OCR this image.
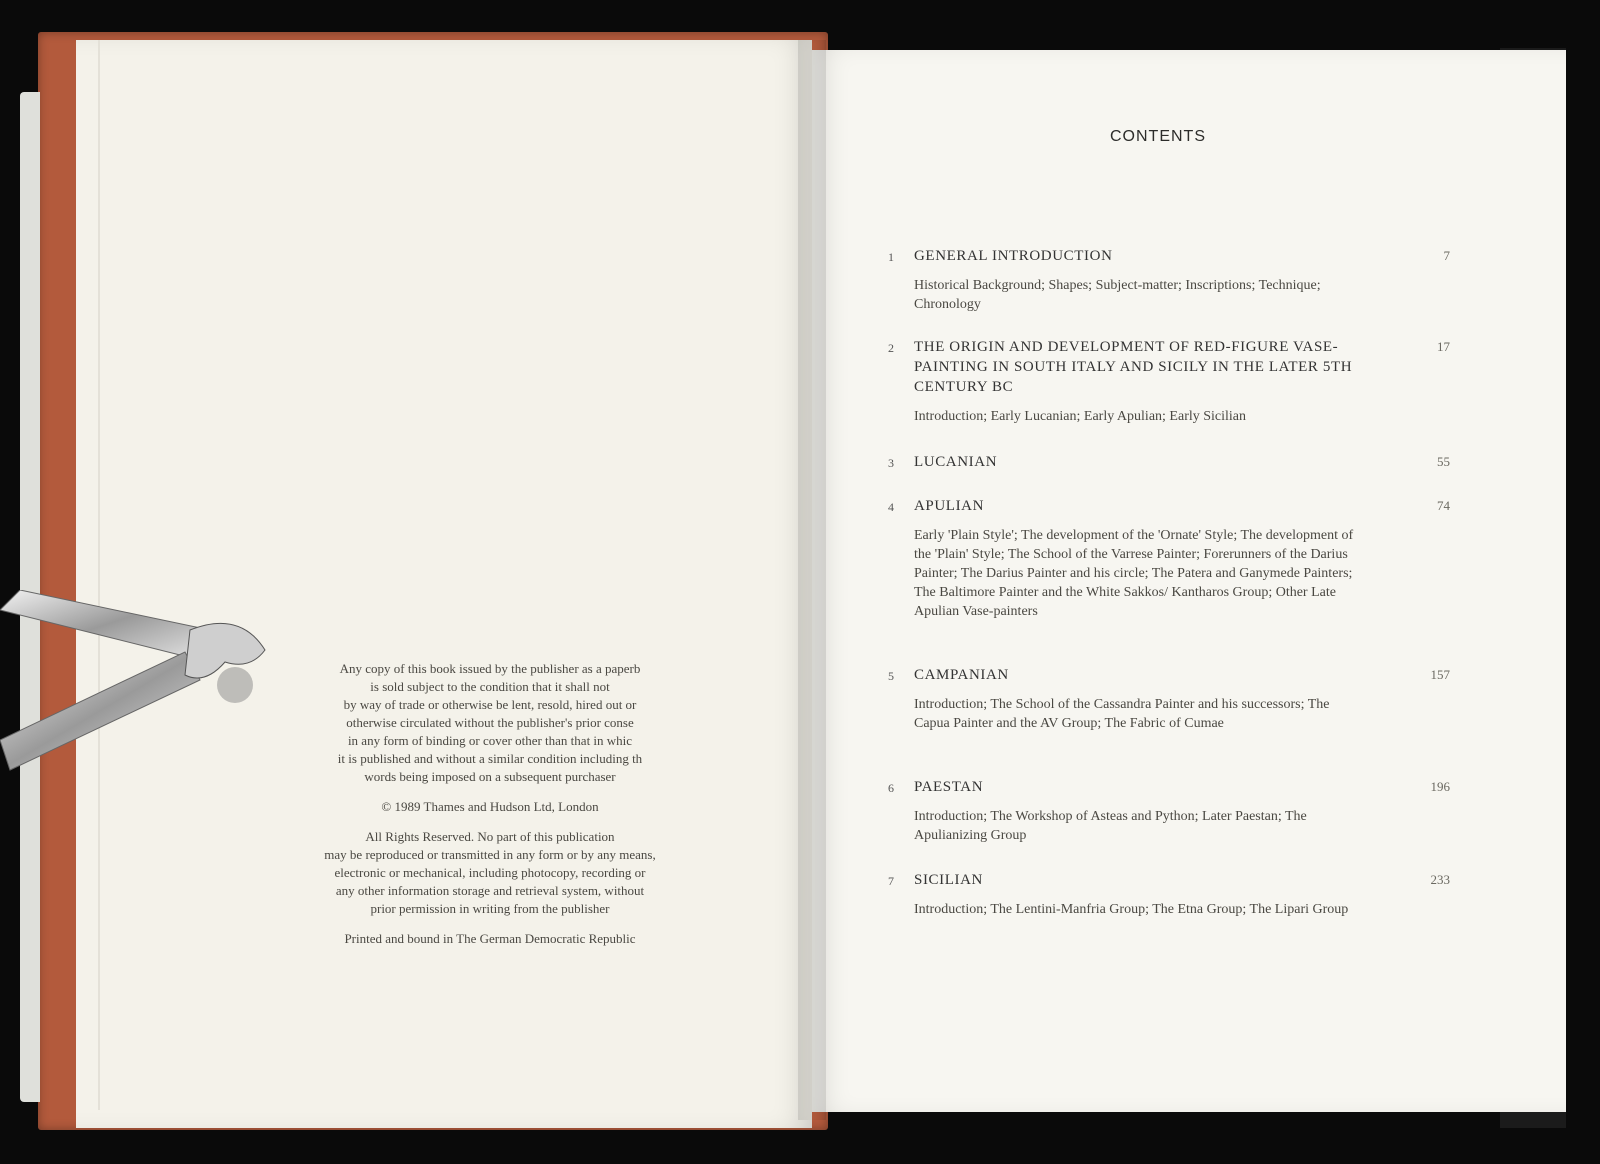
Any copy of this book issued by the publisher as a paperb
is sold subject to the condition that it shall not
by way of trade or otherwise be lent, resold, hired out or
otherwise circulated without the publisher's prior conse
in any form of binding or cover other than that in whic
it is published and without a similar condition including th
words being imposed on a subsequent purchaser

© 1989 Thames and Hudson Ltd, London

All Rights Reserved. No part of this publication
may be reproduced or transmitted in any form or by any means,
electronic or mechanical, including photocopy, recording or
any other information storage and retrieval system, without
prior permission in writing from the publisher

Printed and bound in The German Democratic Republic

CONTENTS
1 GENERAL INTRODUCTION	7
Historical Background; Shapes; Subject-matter; Inscriptions; Technique; Chronology
2 THE ORIGIN AND DEVELOPMENT OF RED-FIGURE VASE-PAINTING IN SOUTH ITALY AND SICILY IN THE LATER 5TH CENTURY BC
17
Introduction; Early Lucanian; Early Apulian; Early Sicilian
3 LUCANIAN	55
4 APULIAN	74
Early 'Plain Style'; The development of the 'Ornate' Style; The development of the 'Plain' Style; The School of the Varrese Painter; Forerunners of the Darius Painter; The Darius Painter and his circle; The Patera and Ganymede Painters; The Baltimore Painter and the White Sakkos/ Kantharos Group; Other Late Apulian Vase-painters
5 CAMPANIAN	157
Introduction; The School of the Cassandra Painter and his successors; The Capua Painter and the AV Group; The Fabric of Cumae
6 PAESTAN	196
Introduction; The Workshop of Asteas and Python; Later Paestan; The Apulianizing Group
7 SICILIAN	233
Introduction; The Lentini-Manfria Group; The Etna Group; The Lipari Group
